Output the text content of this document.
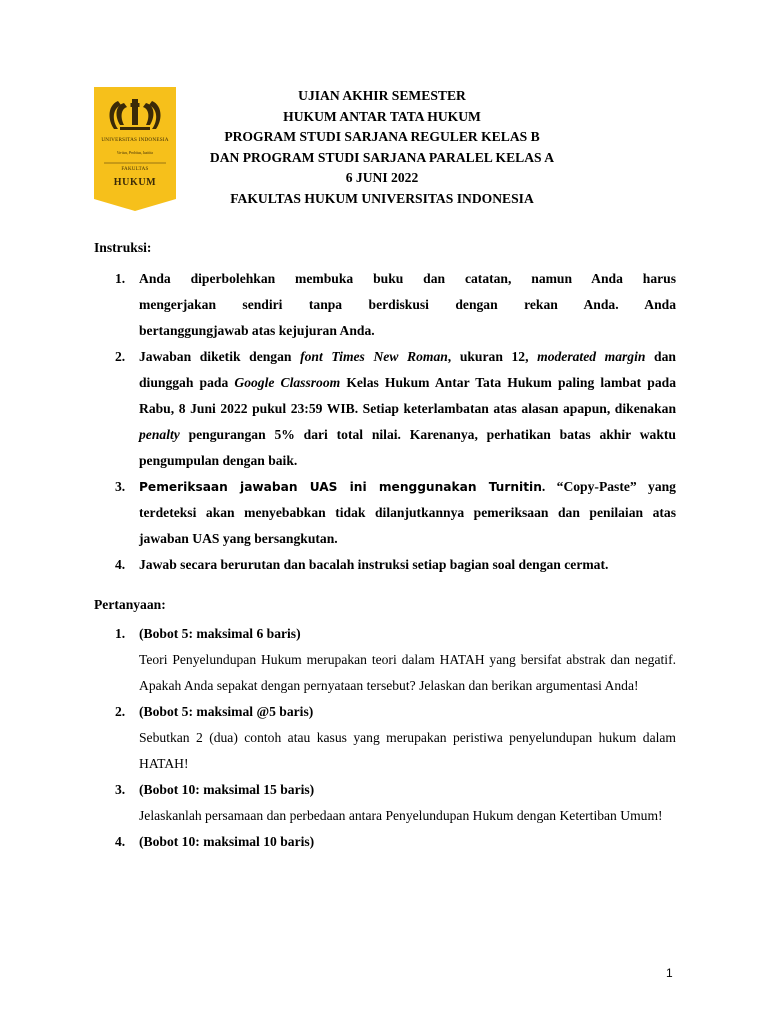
UNIVERSITAS INDONESIA
Veritas, Probitas, Iustitia
FAKULTAS
HUKUM
UJIAN AKHIR SEMESTER
HUKUM ANTAR TATA HUKUM
PROGRAM STUDI SARJANA REGULER KELAS B
DAN PROGRAM STUDI SARJANA PARALEL KELAS A
6 JUNI 2022
FAKULTAS HUKUM UNIVERSITAS INDONESIA
Instruksi:
1. Anda diperbolehkan membuka buku dan catatan, namun Anda harus
mengerjakan sendiri tanpa berdiskusi dengan rekan Anda. Anda
bertanggungjawab atas kejujuran Anda.
2. Jawaban diketik dengan font Times New Roman, ukuran 12, moderated margin dan diunggah pada Google Classroom Kelas Hukum Antar Tata Hukum paling lambat pada Rabu, 8 Juni 2022 pukul 23:59 WIB. Setiap keterlambatan atas alasan apapun, dikenakan penalty pengurangan 5% dari total nilai. Karenanya, perhatikan batas akhir waktu pengumpulan dengan baik.
3. Pemeriksaan jawaban UAS ini menggunakan Turnitin. “Copy-Paste” yang terdeteksi akan menyebabkan tidak dilanjutkannya pemeriksaan dan penilaian atas jawaban UAS yang bersangkutan.
4. Jawab secara berurutan dan bacalah instruksi setiap bagian soal dengan cermat.
Pertanyaan:
1. (Bobot 5: maksimal 6 baris)
Teori Penyelundupan Hukum merupakan teori dalam HATAH yang bersifat abstrak dan negatif. Apakah Anda sepakat dengan pernyataan tersebut? Jelaskan dan berikan argumentasi Anda!
2. (Bobot 5: maksimal @5 baris)
Sebutkan 2 (dua) contoh atau kasus yang merupakan peristiwa penyelundupan hukum dalam HATAH!
3. (Bobot 10: maksimal 15 baris)
Jelaskanlah persamaan dan perbedaan antara Penyelundupan Hukum dengan Ketertiban Umum!
4. (Bobot 10: maksimal 10 baris)
1
